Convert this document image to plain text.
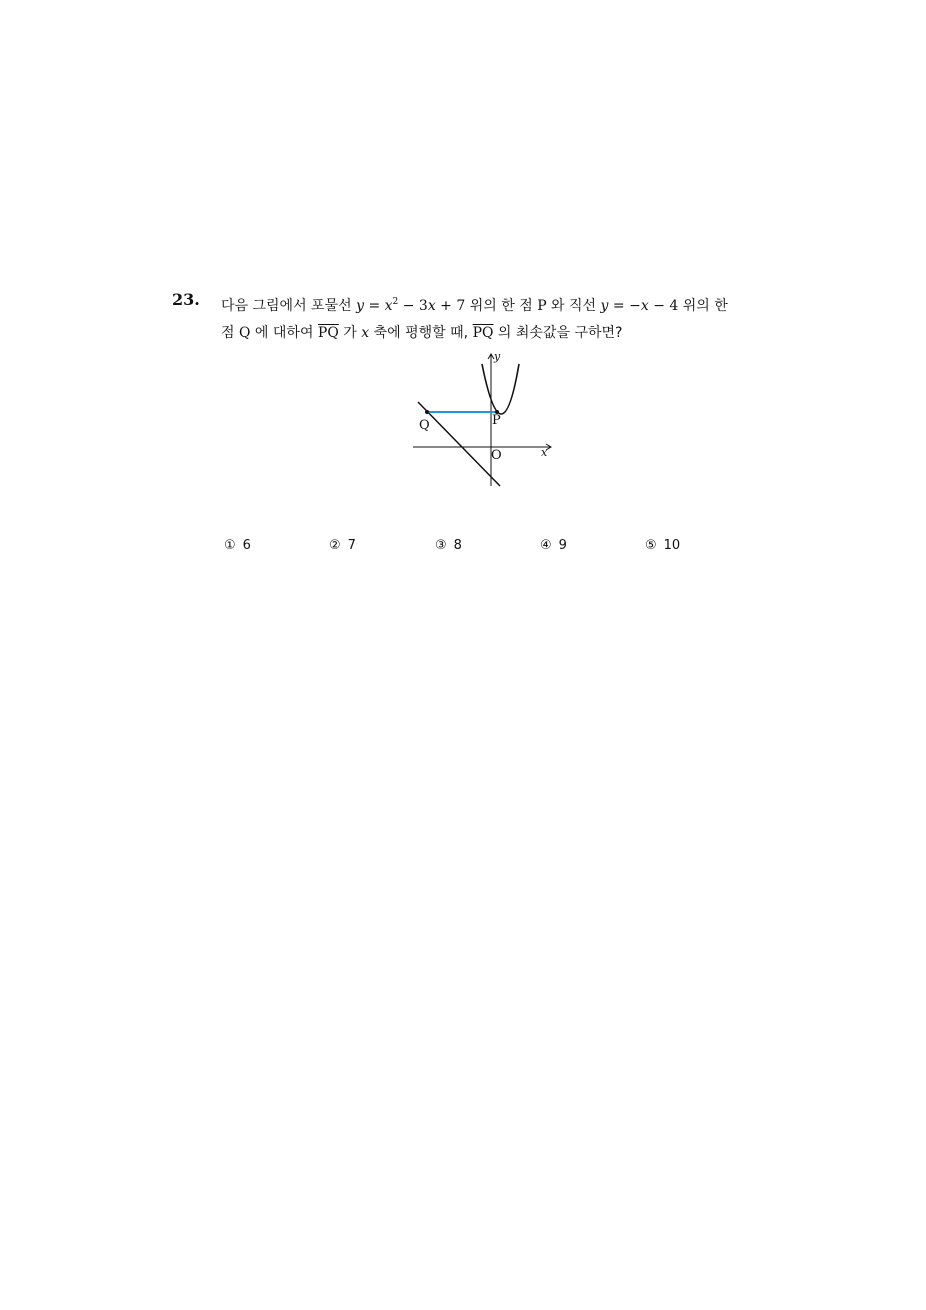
23. 다음 그림에서 포물선 $y = x^2 - 3x + 7$ 위의 한 점 P 와 직선 y = −x − 4 위의 한
점 Q 에 대하여 $\overline{PQ}$ 가 x 축에 평행할 때, $\overline{PQ}$ 의 최솟값을 구하면?
y
x
O
P
Q
① 6	② 7	③ 8	④ 9	⑤ 10
